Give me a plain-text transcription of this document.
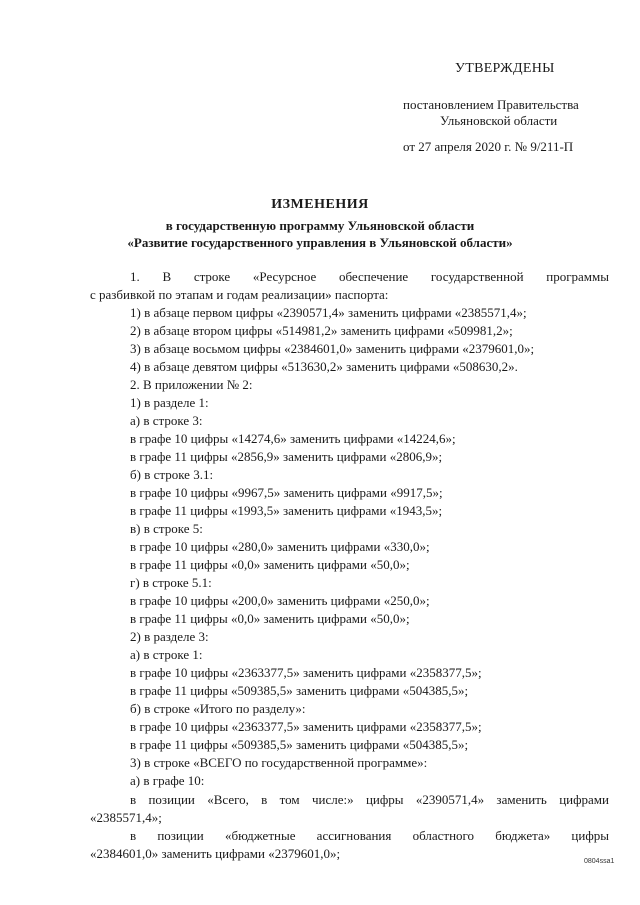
УТВЕРЖДЕНЫ
постановлением Правительства
Ульяновской области
от 27 апреля 2020 г. № 9/211-П
ИЗМЕНЕНИЯ
в государственную программу Ульяновской области
«Развитие государственного управления в Ульяновской области»
1. В строке «Ресурсное обеспечение государственной программы
с разбивкой по этапам и годам реализации» паспорта:
1) в абзаце первом цифры «2390571,4» заменить цифрами «2385571,4»;
2) в абзаце втором цифры «514981,2» заменить цифрами «509981,2»;
3) в абзаце восьмом цифры «2384601,0» заменить цифрами «2379601,0»;
4) в абзаце девятом цифры «513630,2» заменить цифрами «508630,2».
2. В приложении № 2:
1) в разделе 1:
а) в строке 3:
в графе 10 цифры «14274,6» заменить цифрами «14224,6»;
в графе 11 цифры «2856,9» заменить цифрами «2806,9»;
б) в строке 3.1:
в графе 10 цифры «9967,5» заменить цифрами «9917,5»;
в графе 11 цифры «1993,5» заменить цифрами «1943,5»;
в) в строке 5:
в графе 10 цифры «280,0» заменить цифрами «330,0»;
в графе 11 цифры «0,0» заменить цифрами «50,0»;
г) в строке 5.1:
в графе 10 цифры «200,0» заменить цифрами «250,0»;
в графе 11 цифры «0,0» заменить цифрами «50,0»;
2) в разделе 3:
а) в строке 1:
в графе 10 цифры «2363377,5» заменить цифрами «2358377,5»;
в графе 11 цифры «509385,5» заменить цифрами «504385,5»;
б) в строке «Итого по разделу»:
в графе 10 цифры «2363377,5» заменить цифрами «2358377,5»;
в графе 11 цифры «509385,5» заменить цифрами «504385,5»;
3) в строке «ВСЕГО по государственной программе»:
а) в графе 10:
в позиции «Всего, в том числе:» цифры «2390571,4» заменить цифрами
«2385571,4»;
в позиции «бюджетные ассигнования областного бюджета» цифры
«2384601,0» заменить цифрами «2379601,0»;
0804ssa1
